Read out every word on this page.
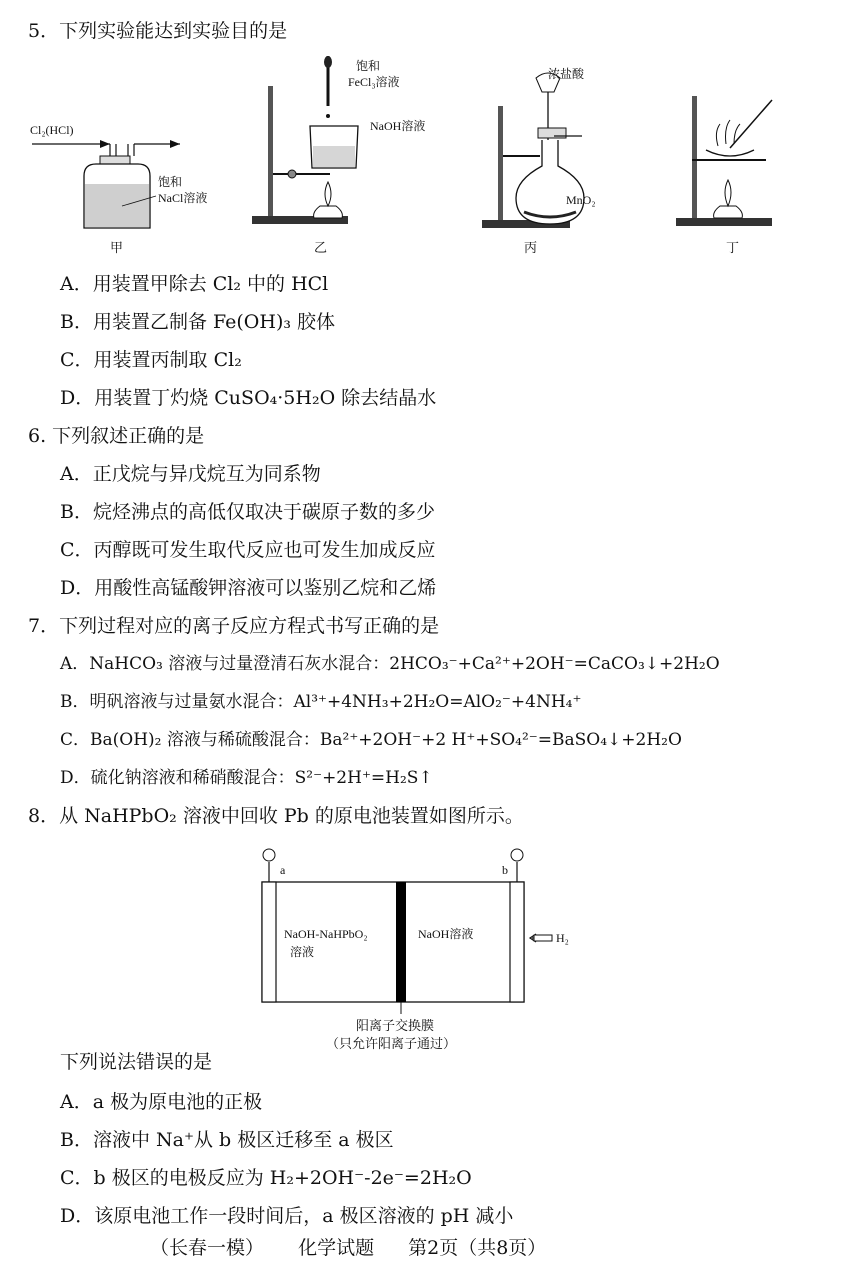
5．下列实验能达到实验目的是
Cl₂(HCl)
饱和
NaCl溶液
甲
饱和
FeCl₃溶液
NaOH溶液
乙
浓盐酸
MnO₂
丙	丁
A．用装置甲除去 Cl₂ 中的 HCl
B．用装置乙制备 Fe(OH)₃ 胶体
C．用装置丙制取 Cl₂
D．用装置丁灼烧 CuSO₄·5H₂O 除去结晶水
6. 下列叙述正确的是
A．正戊烷与异戊烷互为同系物
B．烷烃沸点的高低仅取决于碳原子数的多少
C．丙醇既可发生取代反应也可发生加成反应
D．用酸性高锰酸钾溶液可以鉴别乙烷和乙烯
7．下列过程对应的离子反应方程式书写正确的是
A．NaHCO₃ 溶液与过量澄清石灰水混合：2HCO₃⁻+Ca²⁺+2OH⁻=CaCO₃↓+2H₂O
B．明矾溶液与过量氨水混合：Al³⁺+4NH₃+2H₂O=AlO₂⁻+4NH₄⁺
C．Ba(OH)₂ 溶液与稀硫酸混合：Ba²⁺+2OH⁻+2 H⁺+SO₄²⁻=BaSO₄↓+2H₂O
D．硫化钠溶液和稀硝酸混合：S²⁻+2H⁺=H₂S↑
8．从 NaHPbO₂ 溶液中回收 Pb 的原电池装置如图所示。
a	b
NaOH-NaHPbO₂
溶液
NaOH溶液	H₂
阳离子交换膜
（只允许阳离子通过）
下列说法错误的是
A．a 极为原电池的正极
B．溶液中 Na⁺从 b 极区迁移至 a 极区
C．b 极区的电极反应为 H₂+2OH⁻-2e⁻=2H₂O
D．该原电池工作一段时间后，a 极区溶液的 pH 减小
（长春一模） 化学试题 第2页（共8页）
